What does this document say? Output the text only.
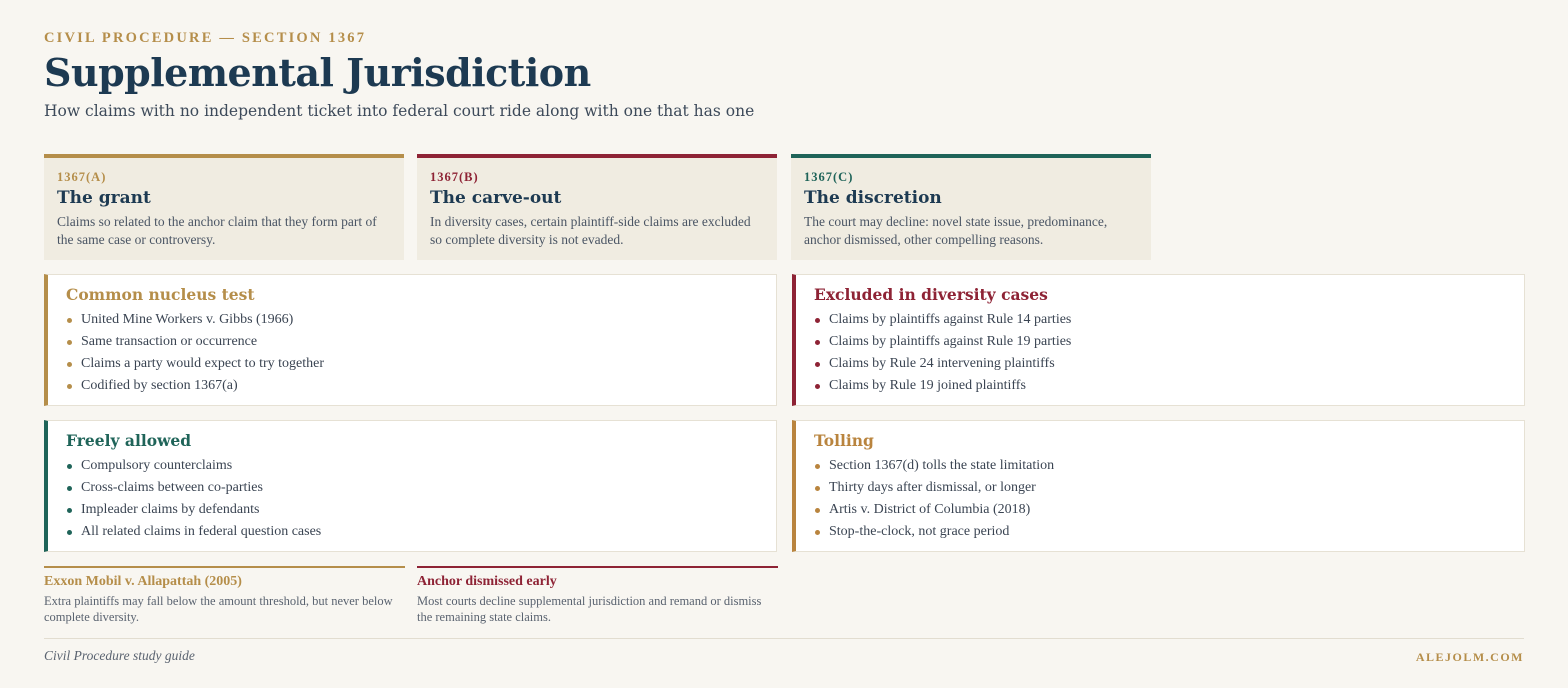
CIVIL PROCEDURE — SECTION 1367
Supplemental Jurisdiction
How claims with no independent ticket into federal court ride along with one that has one
1367(A)
The grant
Claims so related to the anchor claim that they form part of the same case or controversy.
1367(B)
The carve-out
In diversity cases, certain plaintiff-side claims are excluded so complete diversity is not evaded.
1367(C)
The discretion
The court may decline: novel state issue, predominance, anchor dismissed, other compelling reasons.
Common nucleus test
United Mine Workers v. Gibbs (1966)
Same transaction or occurrence
Claims a party would expect to try together
Codified by section 1367(a)
Excluded in diversity cases
Claims by plaintiffs against Rule 14 parties
Claims by plaintiffs against Rule 19 parties
Claims by Rule 24 intervening plaintiffs
Claims by Rule 19 joined plaintiffs
Freely allowed
Compulsory counterclaims
Cross-claims between co-parties
Impleader claims by defendants
All related claims in federal question cases
Tolling
Section 1367(d) tolls the state limitation
Thirty days after dismissal, or longer
Artis v. District of Columbia (2018)
Stop-the-clock, not grace period
Exxon Mobil v. Allapattah (2005)
Extra plaintiffs may fall below the amount threshold, but never below complete diversity.
Anchor dismissed early
Most courts decline supplemental jurisdiction and remand or dismiss the remaining state claims.
Civil Procedure study guide	ALEJOLM.COM
